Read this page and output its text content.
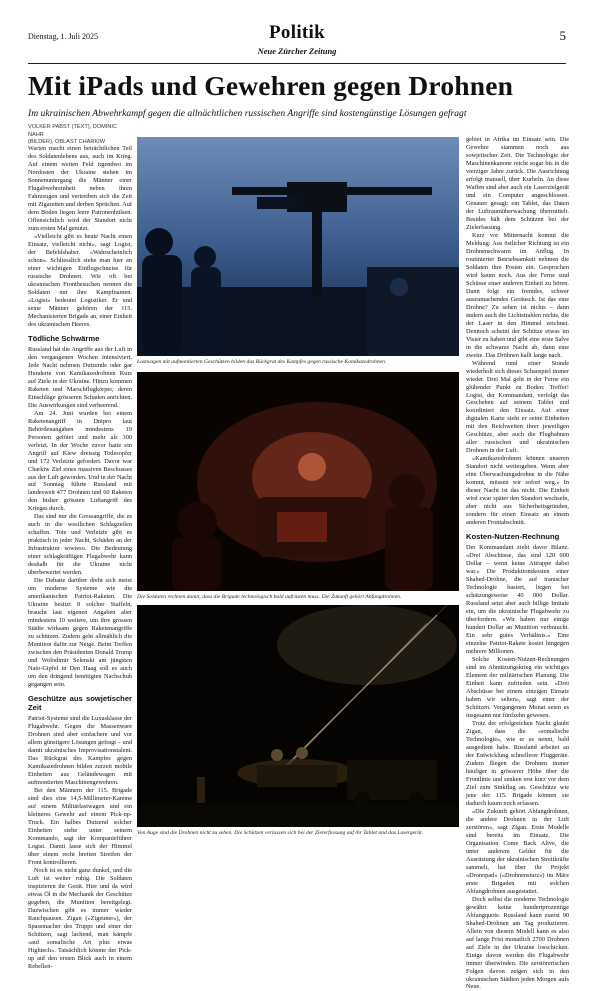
Dienstag, 1. Juli 2025	Politik
Neue Zürcher Zeitung
5
Mit iPads und Gewehren gegen Drohnen
Im ukrainischen Abwehrkampf gegen die allnächtlichen russischen Angriffe sind kostengünstige Lösungen gefragt
VOLKER PABST (TEXT), DOMINIC NAHR
(BILDER), OBLAST CHARKIW

Warten macht einen beträchtlichen Teil des Soldatenlebens aus, auch im Krieg. Auf einem weiten Feld irgendwo im Nordosten der Ukraine stehen im Sonnenuntergang die Männer einer Flugabwehreinheit neben ihren Fahrzeugen und vertreiben sich die Zeit mit Zigaretten und derben Sprüchen. Auf dem Boden liegen leere Patronenhülsen. Offensichtlich wird der Standort nicht zum ersten Mal genutzt.

«Vielleicht gibt es heute Nacht einen Einsatz, vielleicht nicht», sagt Logist, der Befehlshaber. «Wahrscheinlich schon». Schliesslich stehe man hier an einer wichtigen Einflugschneise für russische Drohnen. Wie oft bei ukrainischen Frontbesuchen nennen die Soldaten nur ihre Kampfnamen. «Logist» bedeutet Logistiker. Er und seine Männer gehören der 115. Mechanisierten Brigade an, einer Einheit des ukrainischen Heeres.

Tödliche Schwärme

Russland hat die Angriffe aus der Luft in den vergangenen Wochen intensiviert. Jede Nacht nehmen Dutzende oder gar Hunderte von Kamikazedrohnen Kurs auf Ziele in der Ukraine. Hinzu kommen Raketen und Marschflugkörper, deren Einschläge grösseren Schaden anrichten. Die Auswirkungen sind verheerend.

Am 24. Juni wurden bei einem Raketenangriff in Dnipro laut Behördenangaben mindestens 19 Personen getötet und mehr als 300 verletzt. In der Woche zuvor hatte ein Angriff auf Kiew dreissig Todesopfer und 172 Verletzte gefordert. Davor war Charkiw Ziel eines massiven Beschusses aus der Luft geworden. Und in der Nacht auf Sonntag führte Russland mit landesweit 477 Drohnen und 60 Raketen den bisher grössten Luftangriff des Krieges durch.

Das sind nur die Grossangriffe, die es auch in die westlichen Schlagzeilen schaffen. Tote und Verletzte gibt es praktisch in jeder Nacht, Schäden an der Infrastruktur sowieso. Die Bedeutung einer schlagkräftigen Flugabwehr kann deshalb für die Ukraine nicht überbewertet werden.

Die Debatte darüber dreht sich meist um moderne Systeme wie die amerikanischen Patriot-Raketen. Die Ukraine besitzt 8 solcher Staffeln, braucht laut eigenen Angaben aber mindestens 10 weitere, um ihre grossen Städte wirksam gegen Raketenangriffe zu schützen. Zudem geht allmählich die Munition dafür zur Neige. Beim Treffen zwischen den Präsidenten Donald Trump und Wolodimir Selenski am jüngsten Nato-Gipfel in Den Haag soll es auch um den dringend benötigten Nachschub gegangen sein.

Geschütze aus sowjetischer Zeit

Patriot-Systeme sind die Luxusklasse der Flugabwehr. Gegen die Massenware Drohnen sind aber einfachere und vor allem günstigere Lösungen gefragt – und damit ukrainisches Improvisationstalent. Das Rückgrat des Kampfes gegen Kamikazedrohnen bilden zurzeit mobile Einheiten aus Geländewagen mit aufmontierten Maschinengewehren.

Bei den Männern der 115. Brigade sind dies eine 14,5-Millimeter-Kanone auf einem Militärlastwagen und ein kleineres Gewehr auf einem Pick-up-Truck. Ein halbes Dutzend solcher Einheiten stehe unter seinem Kommando, sagt der Kompanieführer Logist. Damit lasse sich der Himmel über einem recht breiten Streifen der Front kontrollieren.

Noch ist es nicht ganz dunkel, und die Luft ist weiter ruhig. Die Soldaten inspizieren ihr Gerät. Hier und da wird etwas Öl in die Mechanik der Geschütze gegeben, die Munition bereitgelegt. Dazwischen gibt es immer wieder Rauchpausen. Zigan («Zigeuner»), der Spassmacher des Trupps und einer der Schützen, sagt lachend, man kämpfe «auf somalische Art plus etwas Hightech». Tatsächlich könnte der Pick-up auf den ersten Blick auch in einem Rebellen-

Lastwagen mit aufmontierten Geschützen bilden das Rückgrat des Kampfes gegen russische Kamikazedrohnen.
Die Soldaten rechnen damit, dass die Brigade technologisch bald aufrüsten muss. Die Zukunft gehört Abfangdrohnen.
Von Auge sind die Drohnen nicht zu sehen. Die Schützen verlassen sich bei der Zielerfassung auf ihr Tablet und das Lasergerät.

gebiet in Afrika im Einsatz sein. Die Gewehre stammen noch aus sowjetischer Zeit. Die Technologie der Maschinenkanone reicht sogar bis in die vierziger Jahre zurück. Die Ausrichtung erfolgt manuell, über Kurbeln. An diese Waffen sind aber auch ein Laserzielgerät und ein Computer angeschlossen. Genauer gesagt: ein Tablet, das Daten der Luftraumüberwachung übermittelt. Besides hält dem Schützen bei der Zielerfassung.

Kurz vor Mitternacht kommt die Meldung: Aus östlicher Richtung ist ein Drohnenschwarm im Anflug. In routinierter Betriebsamkeit nehmen die Soldaten ihre Posten ein. Gesprochen wird kaum noch. Aus der Ferne sind Schüsse einer anderen Einheit zu hören. Dann folgt ein fremdes, schwer auszumachendes Geräusch. Ist das eine Drohne? Zu sehen ist nichts – dann ändern auch die Lichtstrahlen nichts, die der Laser in den Himmel zeichnet. Dennoch scheint der Schütze etwas im Visier zu haben und gibt eine erste Salve in die schwarze Nacht ab, dann eine zweite. Das Dröhnen hallt lange nach.

Während rund einer Stunde wiederholt sich dieses Schauspiel immer wieder. Drei Mal geht in der Ferne ein glühender Punkt zu Boden: Treffer! Logist, der Kommandant, verfolgt das Geschehen auf seinem Tablet und koordiniert den Einsatz. Auf einer digitalen Karte sieht er seine Einheiten mit den Reichweiten ihrer jeweiligen Geschütze, aber auch die Flugbahnen aller russischen und ukrainischen Drohnen in der Luft.

«Kamikazedrohnen können unseren Standort nicht weitergeben. Wenn aber eine Überwachungsdrohne in die Nähe kommt, müssen wir sofort weg.» In dieser Nacht ist das nicht. Die Einheit wird zwar später den Standort wechseln, aber nicht aus Sicherheitsgründen, sondern für einen Einsatz an einem anderen Frontabschnitt.

Kosten-Nutzen-Rechnung

Der Kommandant zieht davor Bilanz. «Drei Abschüsse, das sind 120 000 Dollar – wenn keine Attrappe dabei war.» Die Produktionskosten einer Shahed-Drohne, die auf iranischer Technologie basiert, liegen bei schätzungsweise 40 000 Dollar. Russland setzt aber auch billige Imitate ein, um die ukrainische Flugabwehr zu überfordern. «Wir haben nur einige hundert Dollar an Munition verbraucht. Ein sehr gutes Verhältnis.» Eine einzelne Patriot-Rakete kostet hingegen mehrere Millionen.

Solche Kosten-Nutzen-Rechnungen sind im Abnützungskrieg ein wichtiges Element der militärischen Planung. Die Einheit kann zufrieden sein. «Drei Abschüsse bei einem einzigen Einsatz haben wir selten», sagt einer der Schützen. Vergangenen Monat seien es insgesamt nur fünfzehn gewesen.

Trotz der erfolgreichen Nacht glaubt Zigan, dass die «somalische Technologie», wie er es nennt, bald ausgedient habe. Russland arbeitet an der Entwicklung schnellerer Fluggeräte. Zudem fliegen die Drohnen immer häufiger in grösserer Höhe über die Frontlinie und senken erst kurz vor dem Ziel zum Sinkflug an. Geschütze wie jene der 115. Brigade können sie dadurch kaum noch erfassen.

«Die Zukunft gehört Abfangdrohnen, die andere Drohnen in der Luft zerstören», sagt Zigan. Erste Modelle sind bereits im Einsatz. Die Organisation Come Back Alive, die unter anderem Gelder für die Ausrüstung der ukrainischen Streitkräfte sammelt, hat über ihr Projekt «Dronopad» («Drohnensturz») im März erste Brigaden mit solchen Abfangdrohnen ausgestattet.

Doch selbst die moderne Technologie gewährt keine hundertprozentige Abfangquote. Russland kann zuerst 90 Shahed-Drohnen am Tag produzieren. Allein von diesem Modell kann es also auf lange Frist monatlich 2700 Drohnen auf Ziele in der Ukraine losschicken. Einige davon werden die Flugabwehr immer überwinden. Die zerstörerischen Folgen davon zeigen sich in den ukrainischen Städten jeden Morgen aufs Neue.
